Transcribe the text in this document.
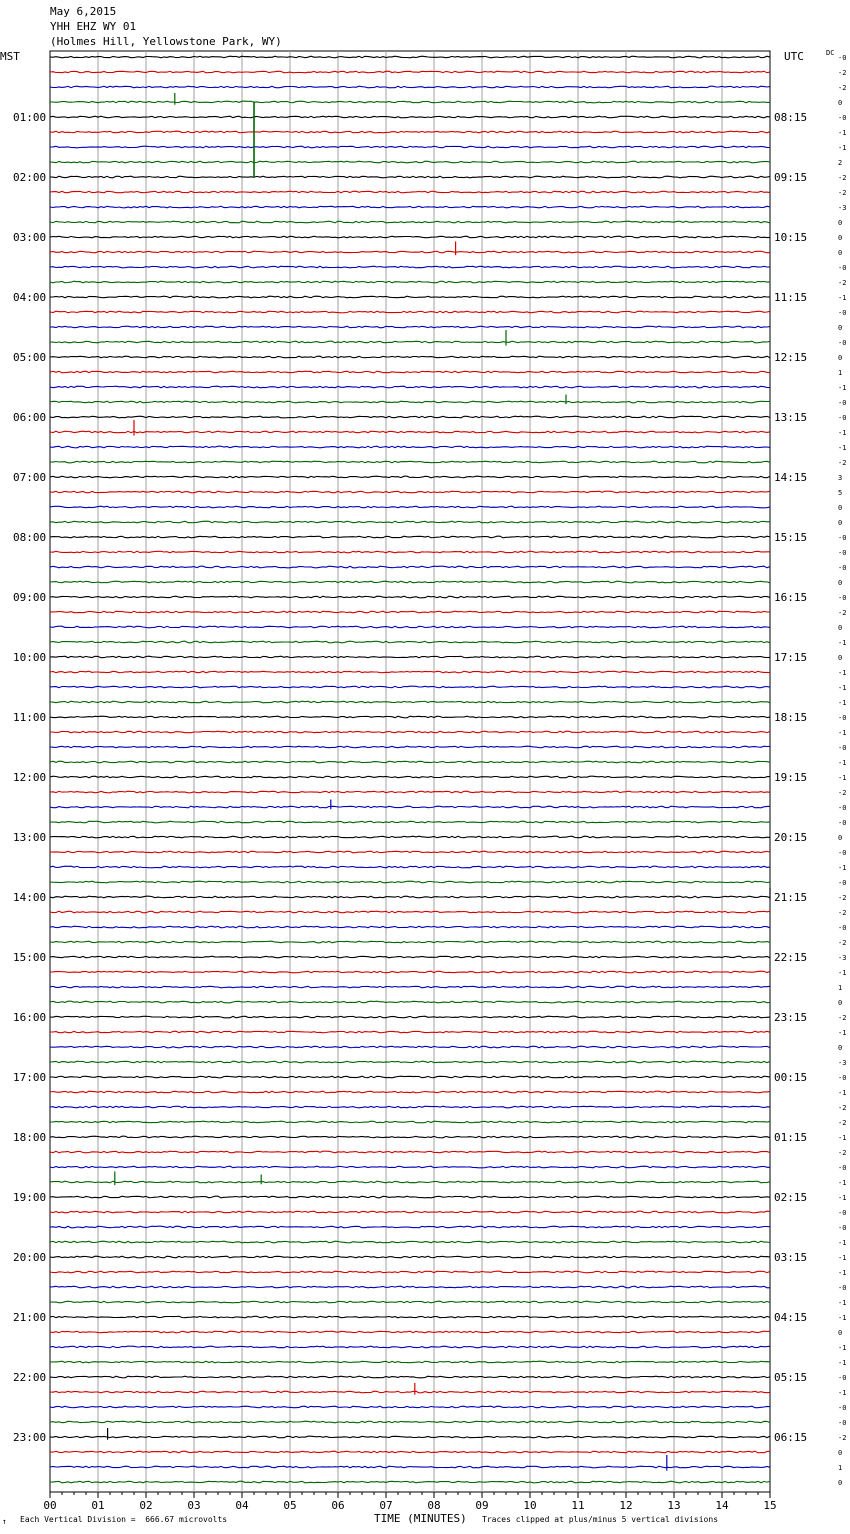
May 6,2015
YHH EHZ WY 01
(Holmes Hill, Yellowstone Park, WY)
MST	UTC	DC
01:00
02:00
03:00
04:00
05:00
06:00
07:00
08:00
09:00
10:00
11:00
12:00
13:00
14:00
15:00
16:00
17:00
18:00
19:00
20:00
21:00
22:00
23:00
08:15
09:15
10:15
11:15
12:15
13:15
14:15
15:15
16:15
17:15
18:15
19:15
20:15
21:15
22:15
23:15
00:15
01:15
02:15
03:15
04:15
05:15
06:15
-0
-2
-2
0
-0
-1
-1
2
-2
-2
-3
0
0
0
-0
-2
-1
-0
0
-0
0
1
-1
-0
-0
-1
-1
-2
3
5
0
0
-0
-0
-0
0
-0
-2
0
-1
0
-1
-1
-1
-0
-1
-0
-1
-1
-2
-0
-0
0
-0
-1
-0
-2
-2
-0
-2
-3
-1
1
0
-2
-1
0
-3
-0
-1
-2
-2
-1
-2
-0
-1
-1
-0
-0
-1
-1
-1
-0
-1
-1
0
-1
-1
-0
-1
-0
-0
-2
0
1
0
00	01	02	03	04	05	06	07	08	09	10	11	12	13	14	15
↑ Each Vertical Division =  666.67 microvolts	TIME (MINUTES) Traces clipped at plus/minus 5 vertical divisions
